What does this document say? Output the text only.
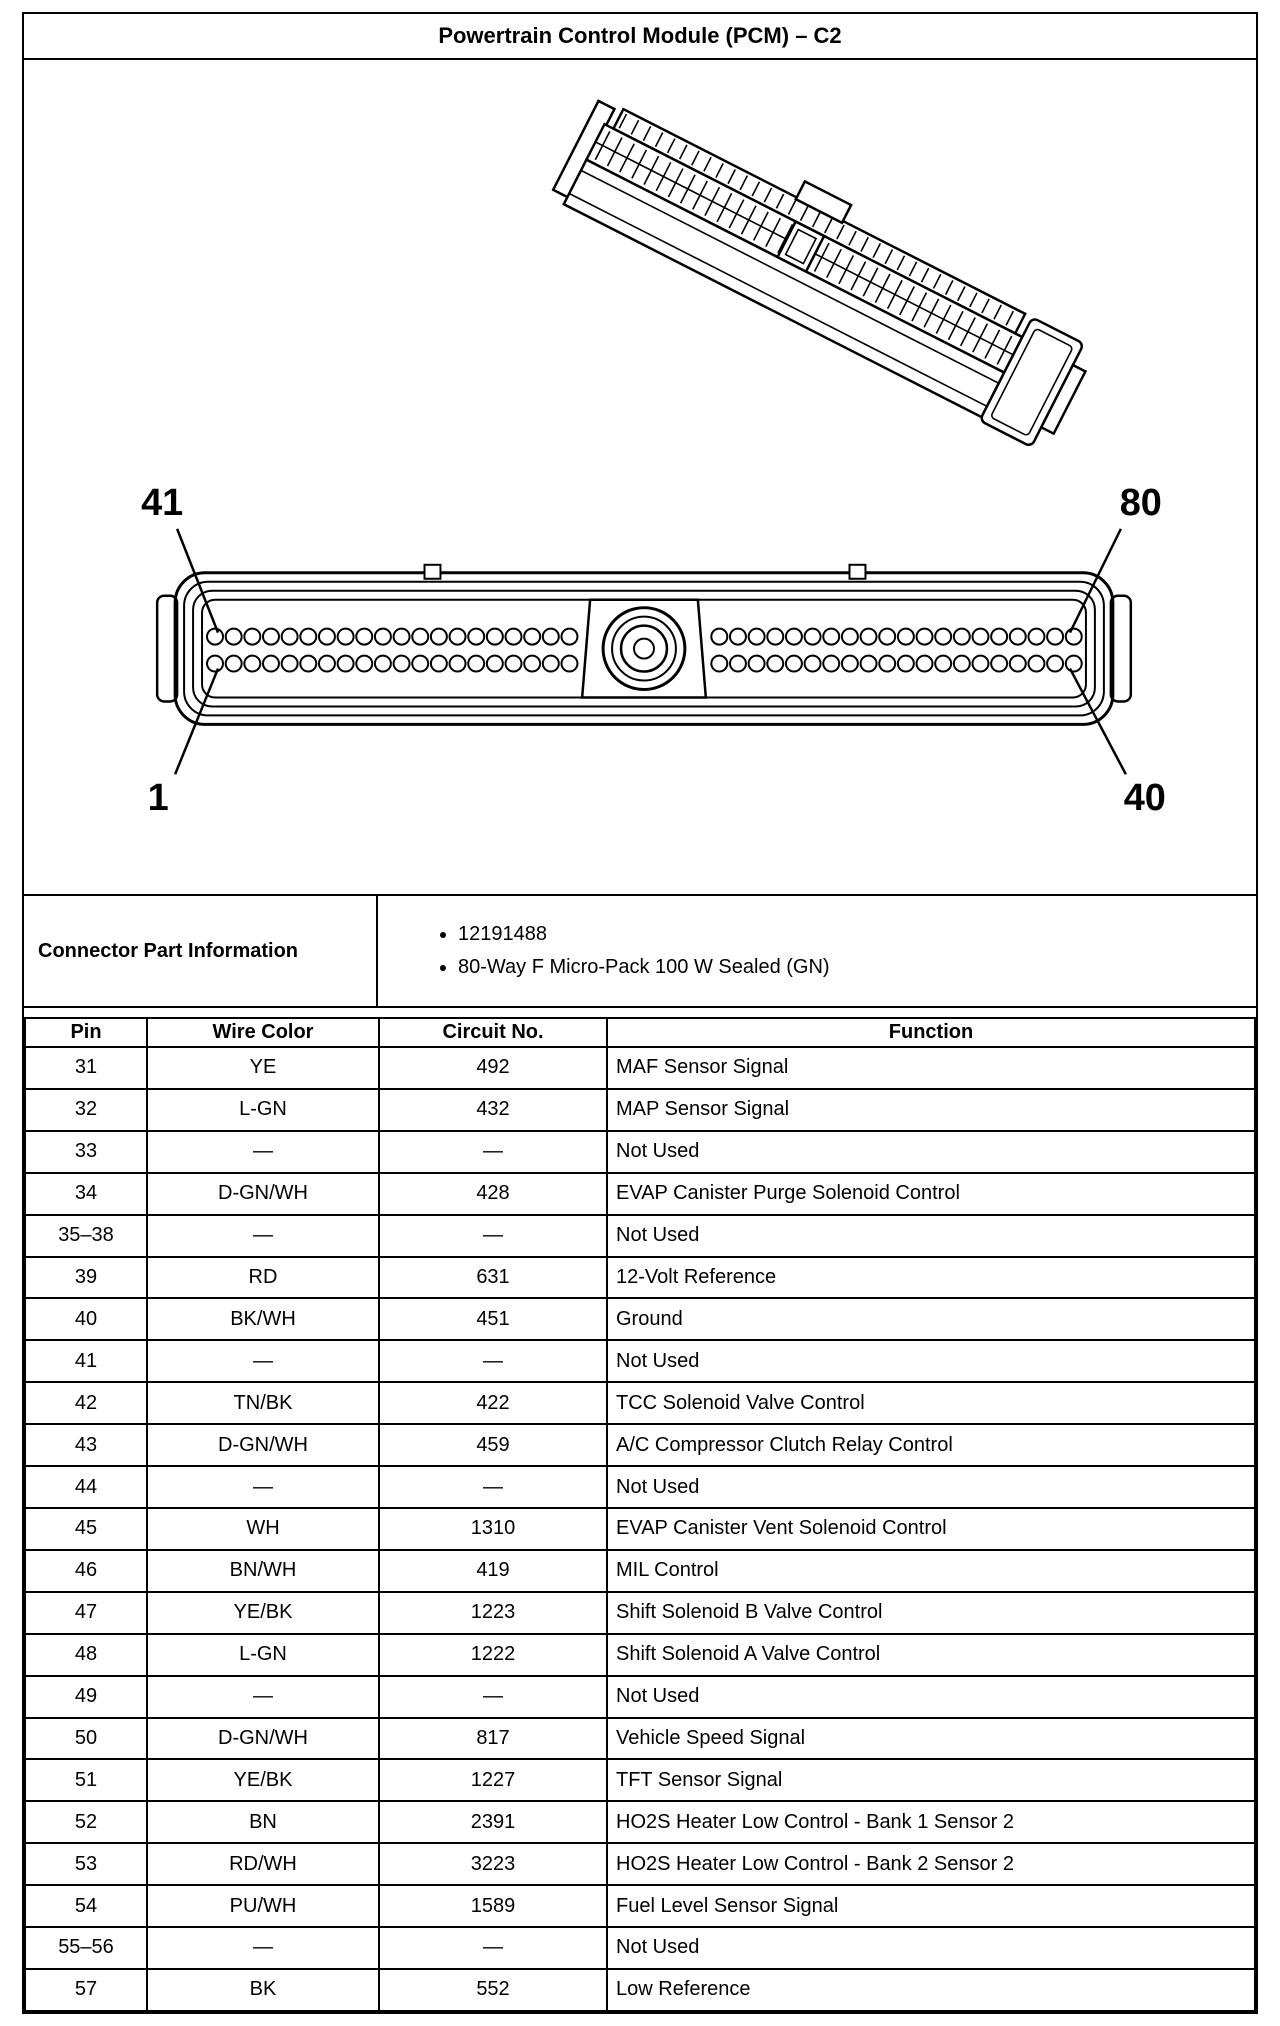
Powertrain Control Module (PCM) – C2
41	80
1	40
Connector Part Information
• 12191488
• 80-Way F Micro-Pack 100 W Sealed (GN)
Pin	Wire Color	Circuit No.	Function
31	YE	492	MAF Sensor Signal
32	L-GN	432	MAP Sensor Signal
33	—	—	Not Used
34	D-GN/WH	428	EVAP Canister Purge Solenoid Control
35–38	—	—	Not Used
39	RD	631	12-Volt Reference
40	BK/WH	451	Ground
41	—	—	Not Used
42	TN/BK	422	TCC Solenoid Valve Control
43	D-GN/WH	459	A/C Compressor Clutch Relay Control
44	—	—	Not Used
45	WH	1310	EVAP Canister Vent Solenoid Control
46	BN/WH	419	MIL Control
47	YE/BK	1223	Shift Solenoid B Valve Control
48	L-GN	1222	Shift Solenoid A Valve Control
49	—	—	Not Used
50	D-GN/WH	817	Vehicle Speed Signal
51	YE/BK	1227	TFT Sensor Signal
52	BN	2391	HO2S Heater Low Control - Bank 1 Sensor 2
53	RD/WH	3223	HO2S Heater Low Control - Bank 2 Sensor 2
54	PU/WH	1589	Fuel Level Sensor Signal
55–56	—	—	Not Used
57	BK	552	Low Reference
